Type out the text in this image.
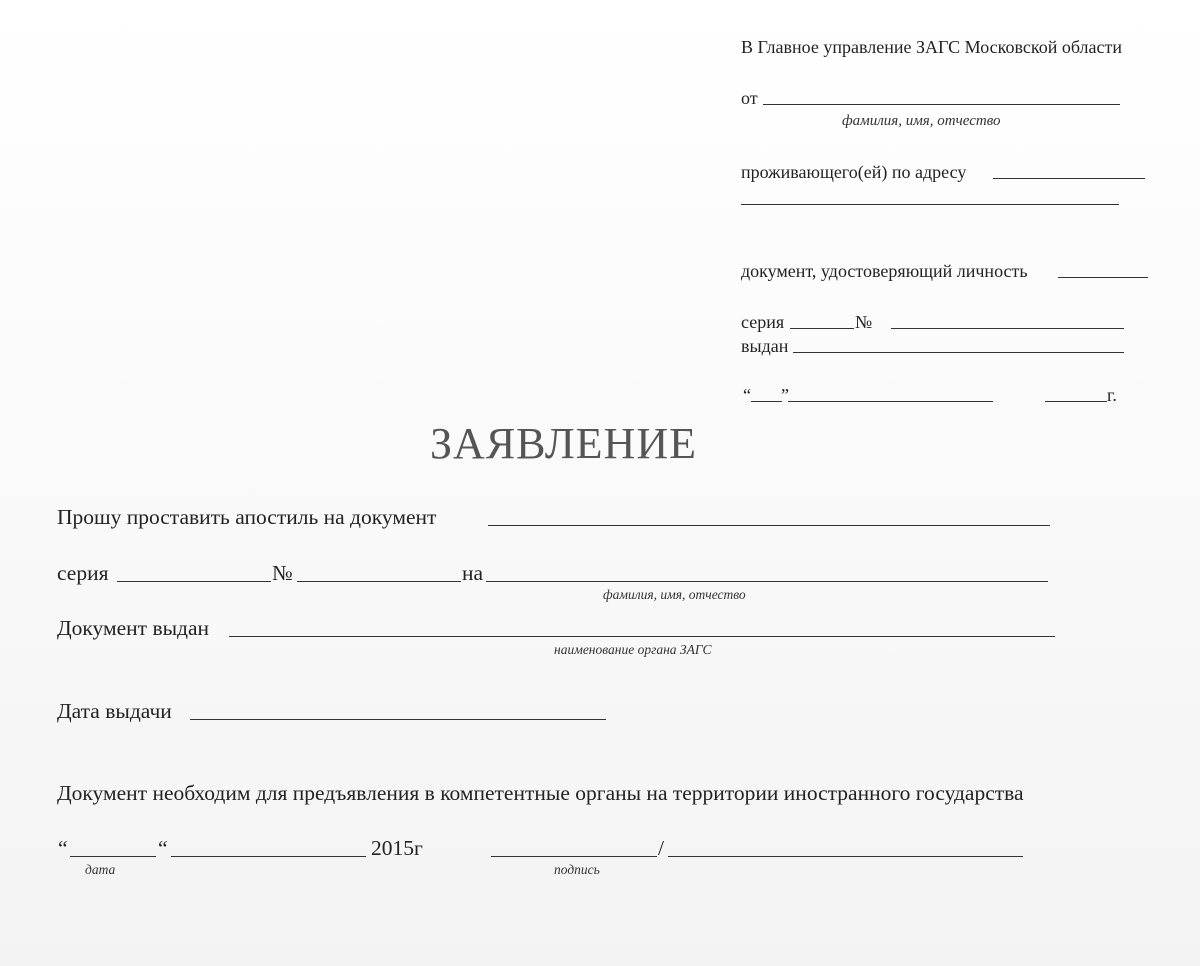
В Главное управление ЗАГС Московской области
от
фамилия, имя, отчество
проживающего(ей) по адресу
документ, удостоверяющий личность
серия	№
выдан
“ ”	г.
ЗАЯВЛЕНИЕ
Прошу проставить апостиль на документ
серия	№	на
фамилия, имя, отчество
Документ выдан
наименование органа ЗАГС
Дата выдачи
Документ необходим для предъявления в компетентные органы на территории иностранного государства
“	“	2015г
дата
/
подпись
